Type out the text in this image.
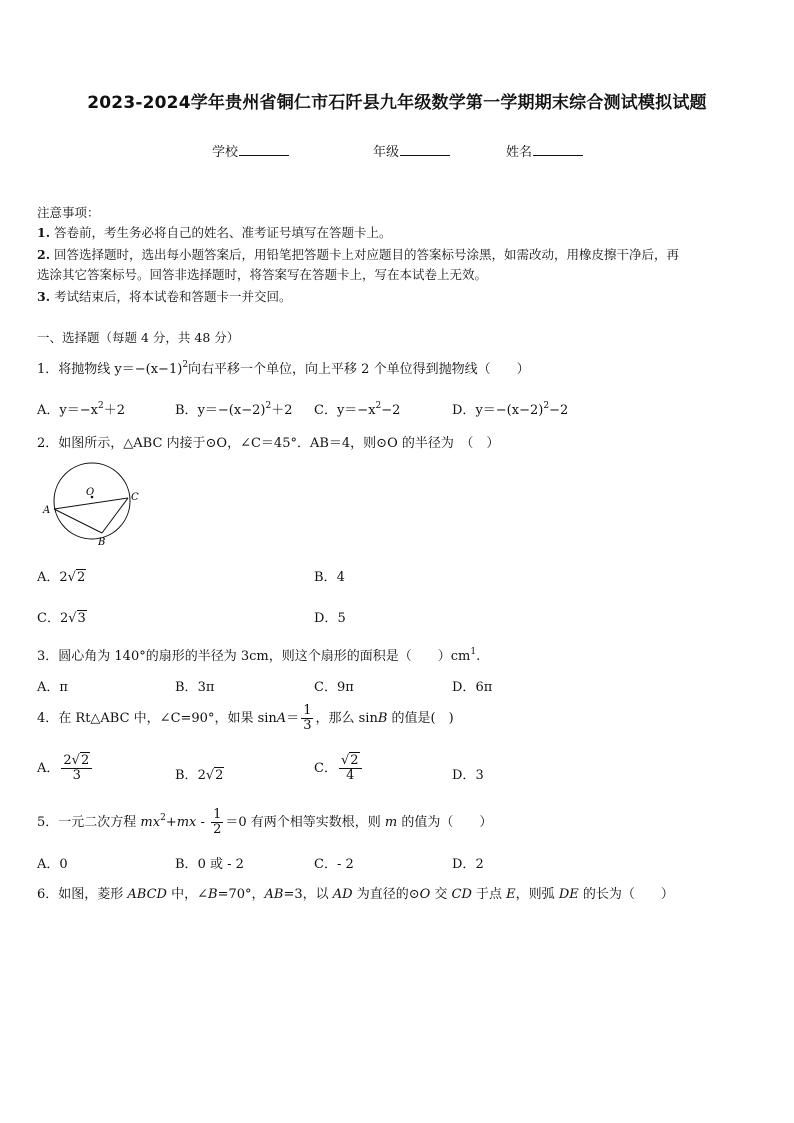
2023-2024学年贵州省铜仁市石阡县九年级数学第一学期期末综合测试模拟试题
学校	年级	姓名
注意事项：
1. 答卷前，考生务必将自己的姓名、准考证号填写在答题卡上。
2. 回答选择题时，选出每小题答案后，用铅笔把答题卡上对应题目的答案标号涂黑，如需改动，用橡皮擦干净后，再
选涂其它答案标号。回答非选择题时，将答案写在答题卡上，写在本试卷上无效。
3. 考试结束后，将本试卷和答题卡一并交回。
一、选择题（每题 4 分，共 48 分）
1．将抛物线 $y=-(x-1)^2$向右平移一个单位，向上平移 2 个单位得到抛物线（　　）
A．$y=-x^2+2$	B．$y=-(x-2)^2+2$ C．$y=-x^2-2$	D．$y=-(x-2)^2-2$
2．如图所示，△ABC 内接于⊙O，∠C＝45°．AB＝4，则⊙O 的半径为　（　）
O
A
B
C
A．2√2	B．4
C．2√3	D．5
3．圆心角为 140°的扇形的半径为 3cm，则这个扇形的面积是（　　）$cm^1$.
A．π	B．3π	C．9π	D．6π
4．在 Rt△ABC 中，∠C=90°，如果 $\sin A= \frac{1}{3}$ ，那么 sinB 的值是(　)
A． $\frac{2√2}{3}$	B．2√2	C． $\frac{√2}{4}$	D．3
5．一元二次方程 $mx^2+mx - \frac{1}{2} =0$ 有两个相等实数根，则 m 的值为（　　）
A．0	B．0 或 - 2	C．- 2	D．2
6．如图，菱形 ABCD 中，∠B=70°，AB=3，以 AD 为直径的⊙O 交 CD 于点 E，则弧 DE 的长为（　　）
